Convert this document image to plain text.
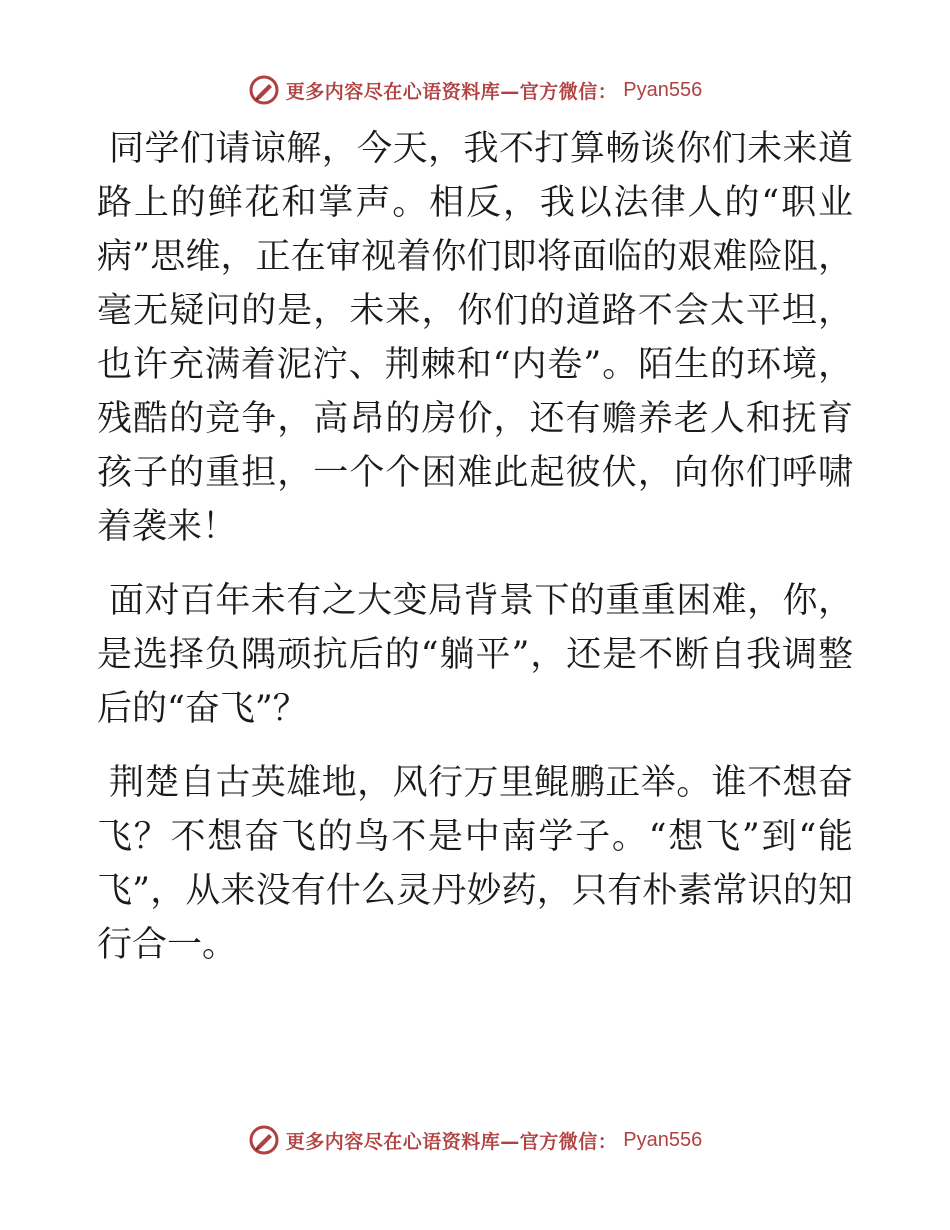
更多内容尽在心语资料库—官方微信： Pyan556

同学们请谅解，今天，我不打算畅谈你们未来道路上的鲜花和掌声。相反，我以法律人的“职业病”思维，正在审视着你们即将面临的艰难险阻，毫无疑问的是，未来，你们的道路不会太平坦，也许充满着泥泞、荆棘和“内卷”。陌生的环境，残酷的竞争，高昂的房价，还有赡养老人和抚育孩子的重担，一个个困难此起彼伏，向你们呼啸着袭来！

面对百年未有之大变局背景下的重重困难，你，是选择负隅顽抗后的“躺平”，还是不断自我调整后的“奋飞”？

荆楚自古英雄地，风行万里鲲鹏正举。谁不想奋飞？不想奋飞的鸟不是中南学子。“想飞”到“能飞”，从来没有什么灵丹妙药，只有朴素常识的知行合一。

更多内容尽在心语资料库—官方微信： Pyan556
